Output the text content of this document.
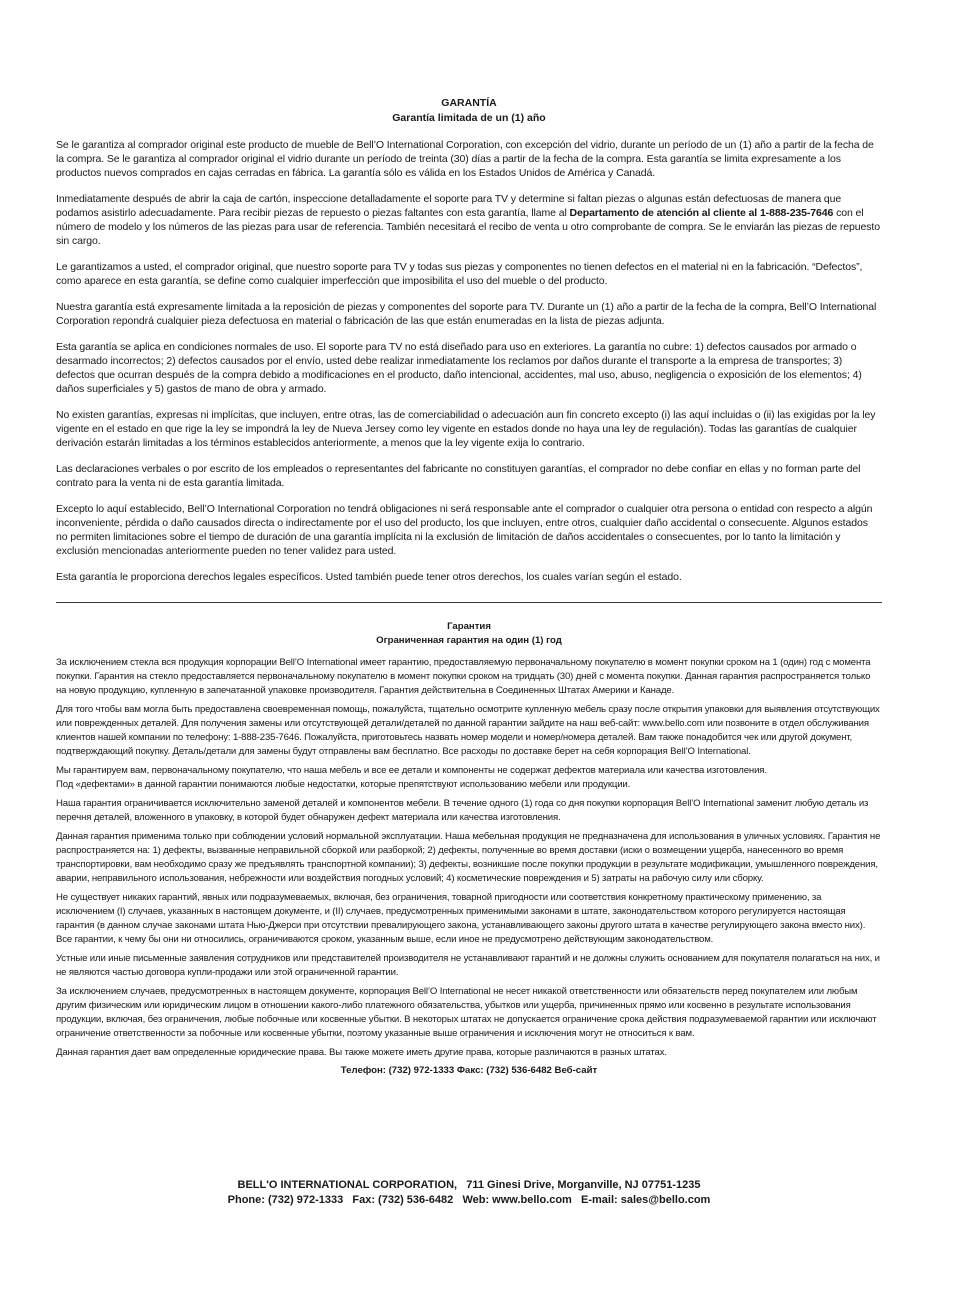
GARANTÍA
Garantía limitada de un (1) año

Se le garantiza al comprador original este producto de mueble de Bell’O International Corporation, con excepción del vidrio, durante un período de un (1) año a partir de la fecha de la compra. Se le garantiza al comprador original el vidrio durante un período de treinta (30) días a partir de la fecha de la compra. Esta garantía se limita expresamente a los productos nuevos comprados en cajas cerradas en fábrica. La garantía sólo es válida en los Estados Unidos de América y Canadá.

Inmediatamente después de abrir la caja de cartón, inspeccione detalladamente el soporte para TV y determine si faltan piezas o algunas están defectuosas de manera que podamos asistirlo adecuadamente. Para recibir piezas de repuesto o piezas faltantes con esta garantía, llame al Departamento de atención al cliente al 1-888-235-7646 con el número de modelo y los números de las piezas para usar de referencia. También necesitará el recibo de venta u otro comprobante de compra. Se le enviarán las piezas de repuesto sin cargo.

Le garantizamos a usted, el comprador original, que nuestro soporte para TV y todas sus piezas y componentes no tienen defectos en el material ni en la fabricación. “Defectos”, como aparece en esta garantía, se define como cualquier imperfección que imposibilita el uso del mueble o del producto.

Nuestra garantía está expresamente limitada a la reposición de piezas y componentes del soporte para TV. Durante un (1) año a partir de la fecha de la compra, Bell’O International Corporation repondrá cualquier pieza defectuosa en material o fabricación de las que están enumeradas en la lista de piezas adjunta.

Esta garantía se aplica en condiciones normales de uso. El soporte para TV no está diseñado para uso en exteriores. La garantía no cubre: 1) defectos causados por armado o desarmado incorrectos; 2) defectos causados por el envío, usted debe realizar inmediatamente los reclamos por daños durante el transporte a la empresa de transportes; 3) defectos que ocurran después de la compra debido a modificaciones en el producto, daño intencional, accidentes, mal uso, abuso, negligencia o exposición de los elementos; 4) daños superficiales y 5) gastos de mano de obra y armado.

No existen garantías, expresas ni implícitas, que incluyen, entre otras, las de comerciabilidad o adecuación aun fin concreto excepto (i) las aquí incluidas o (ii) las exigidas por la ley vigente en el estado en que rige la ley se impondrá la ley de Nueva Jersey como ley vigente en estados donde no haya una ley de regulación). Todas las garantías de cualquier derivación estarán limitadas a los términos establecidos anteriormente, a menos que la ley vigente exija lo contrario.

Las declaraciones verbales o por escrito de los empleados o representantes del fabricante no constituyen garantías, el comprador no debe confiar en ellas y no forman parte del contrato para la venta ni de esta garantía limitada.

Excepto lo aquí establecido, Bell’O International Corporation no tendrá obligaciones ni será responsable ante el comprador o cualquier otra persona o entidad con respecto a algún inconveniente, pérdida o daño causados directa o indirectamente por el uso del producto, los que incluyen, entre otros, cualquier daño accidental o consecuente. Algunos estados no permiten limitaciones sobre el tiempo de duración de una garantía implícita ni la exclusión de limitación de daños accidentales o consecuentes, por lo tanto la limitación y exclusión mencionadas anteriormente pueden no tener validez para usted.

Esta garantía le proporciona derechos legales específicos. Usted también puede tener otros derechos, los cuales varían según el estado.

Гарантия
Ограниченная гарантия на один (1) год

За исключением стекла вся продукция корпорации Bell’O International имеет гарантию, предоставляемую первоначальному покупателю в момент покупки сроком на 1 (один) год с момента покупки. Гарантия на стекло предоставляется первоначальному покупателю в момент покупки сроком на тридцать (30) дней с момента покупки. Данная гарантия распространяется только на новую продукцию, купленную в запечатанной упаковке производителя. Гарантия действительна в Соединенных Штатах Америки и Канаде.

Для того чтобы вам могла быть предоставлена своевременная помощь, пожалуйста, тщательно осмотрите купленную мебель сразу после открытия упаковки для выявления отсутствующих или поврежденных деталей. Для получения замены или отсутствующей детали/деталей по данной гарантии зайдите на наш веб-сайт: www.bello.com или позвоните в отдел обслуживания клиентов нашей компании по телефону: 1-888-235-7646. Пожалуйста, приготовьтесь назвать номер модели и номер/номера деталей. Вам также понадобится чек или другой документ, подтверждающий покупку. Деталь/детали для замены будут отправлены вам бесплатно. Все расходы по доставке берет на себя корпорация Bell’O International.

Мы гарантируем вам, первоначальному покупателю, что наша мебель и все ее детали и компоненты не содержат дефектов материала или качества изготовления.
Под «дефектами» в данной гарантии понимаются любые недостатки, которые препятствуют использованию мебели или продукции.

Наша гарантия ограничивается исключительно заменой деталей и компонентов мебели. В течение одного (1) года со дня покупки корпорация Bell’O International заменит любую деталь из перечня деталей, вложенного в упаковку, в которой будет обнаружен дефект материала или качества изготовления.

Данная гарантия применима только при соблюдении условий нормальной эксплуатации. Наша мебельная продукция не предназначена для использования в уличных условиях. Гарантия не распространяется на: 1) дефекты, вызванные неправильной сборкой или разборкой; 2) дефекты, полученные во время доставки (иски о возмещении ущерба, нанесенного во время транспортировки, вам необходимо сразу же предъявлять транспортной компании); 3) дефекты, возникшие после покупки продукции в результате модификации, умышленного повреждения, аварии, неправильного использования, небрежности или воздействия погодных условий; 4) косметические повреждения и 5) затраты на рабочую силу или сборку.

Не существует никаких гарантий, явных или подразумеваемых, включая, без ограничения, товарной пригодности или соответствия конкретному практическому применению, за исключением (I) случаев, указанных в настоящем документе, и (II) случаев, предусмотренных применимыми законами в штате, законодательством которого регулируется настоящая гарантия (в данном случае законами штата Нью-Джерси при отсутствии превалирующего закона, устанавливающего законы другого штата в качестве регулирующего закона вместо них). Все гарантии, к чему бы они ни относились, ограничиваются сроком, указанным выше, если иное не предусмотрено действующим законодательством.

Устные или иные письменные заявления сотрудников или представителей производителя не устанавливают гарантий и не должны служить основанием для покупателя полагаться на них, и не являются частью договора купли-продажи или этой ограниченной гарантии.

За исключением случаев, предусмотренных в настоящем документе, корпорация Bell’O International не несет никакой ответственности или обязательств перед покупателем или любым другим физическим или юридическим лицом в отношении какого-либо платежного обязательства, убытков или ущерба, причиненных прямо или косвенно в результате использования продукции, включая, без ограничения, любые побочные или косвенные убытки. В некоторых штатах не допускается ограничение срока действия подразумеваемой гарантии или исключают ограничение ответственности за побочные или косвенные убытки, поэтому указанные выше ограничения и исключения могут не относиться к вам.

Данная гарантия дает вам определенные юридические права. Вы также можете иметь другие права, которые различаются в разных штатах.

Телефон: (732) 972-1333 Факс: (732) 536-6482 Веб-сайт
BELL'O INTERNATIONAL CORPORATION,   711 Ginesi Drive, Morganville, NJ 07751-1235
Phone: (732) 972-1333   Fax: (732) 536-6482   Web: www.bello.com   E-mail: sales@bello.com
